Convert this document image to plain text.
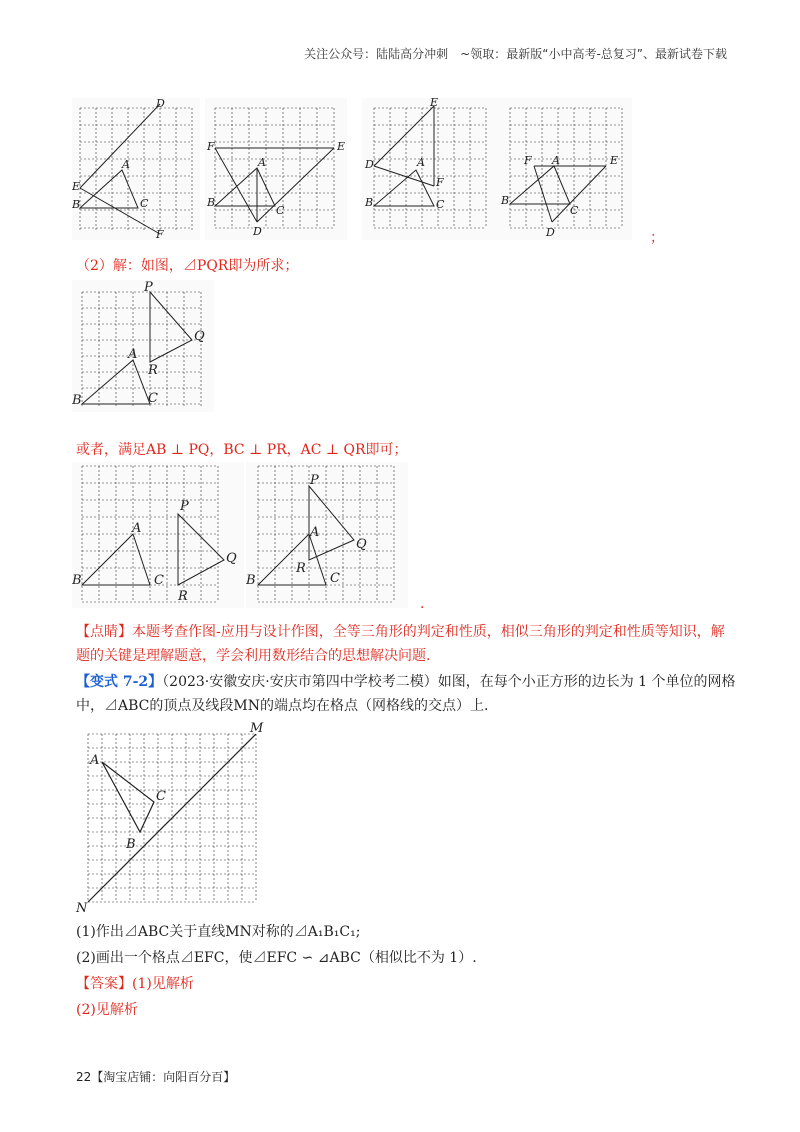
关注公众号：陆陆高分冲刺　~领取：最新版“小中高考-总复习”、最新试卷下载
D
E
B
A
C
F
F	E
A
B
C
D
E
D	A
F
B	C
F A	E
B
C
D	；
（2）解：如图，⊿PQR即为所求；
P
Q
R
A
B	C
或者，满足AB ⊥ PQ，BC ⊥ PR，AC ⊥ QR即可；
P
Q
R
A
B	C
P
Q
R
A
B	C
.
【点睛】本题考查作图-应用与设计作图，全等三角形的判定和性质，相似三角形的判定和性质等知识，解
题的关键是理解题意，学会利用数形结合的思想解决问题.
【变式 7-2】（2023·安徽安庆·安庆市第四中学校考二模）如图，在每个小正方形的边长为 1 个单位的网格
中，⊿ABC的顶点及线段MN的端点均在格点（网格线的交点）上.
M
N
A
B
C
(1)作出⊿ABC关于直线MN对称的⊿A₁B₁C₁;
(2)画出一个格点⊿EFC，使⊿EFC ∽ ⊿ABC（相似比不为 1）.
【答案】(1)见解析
(2)见解析
22【淘宝店铺：向阳百分百】
